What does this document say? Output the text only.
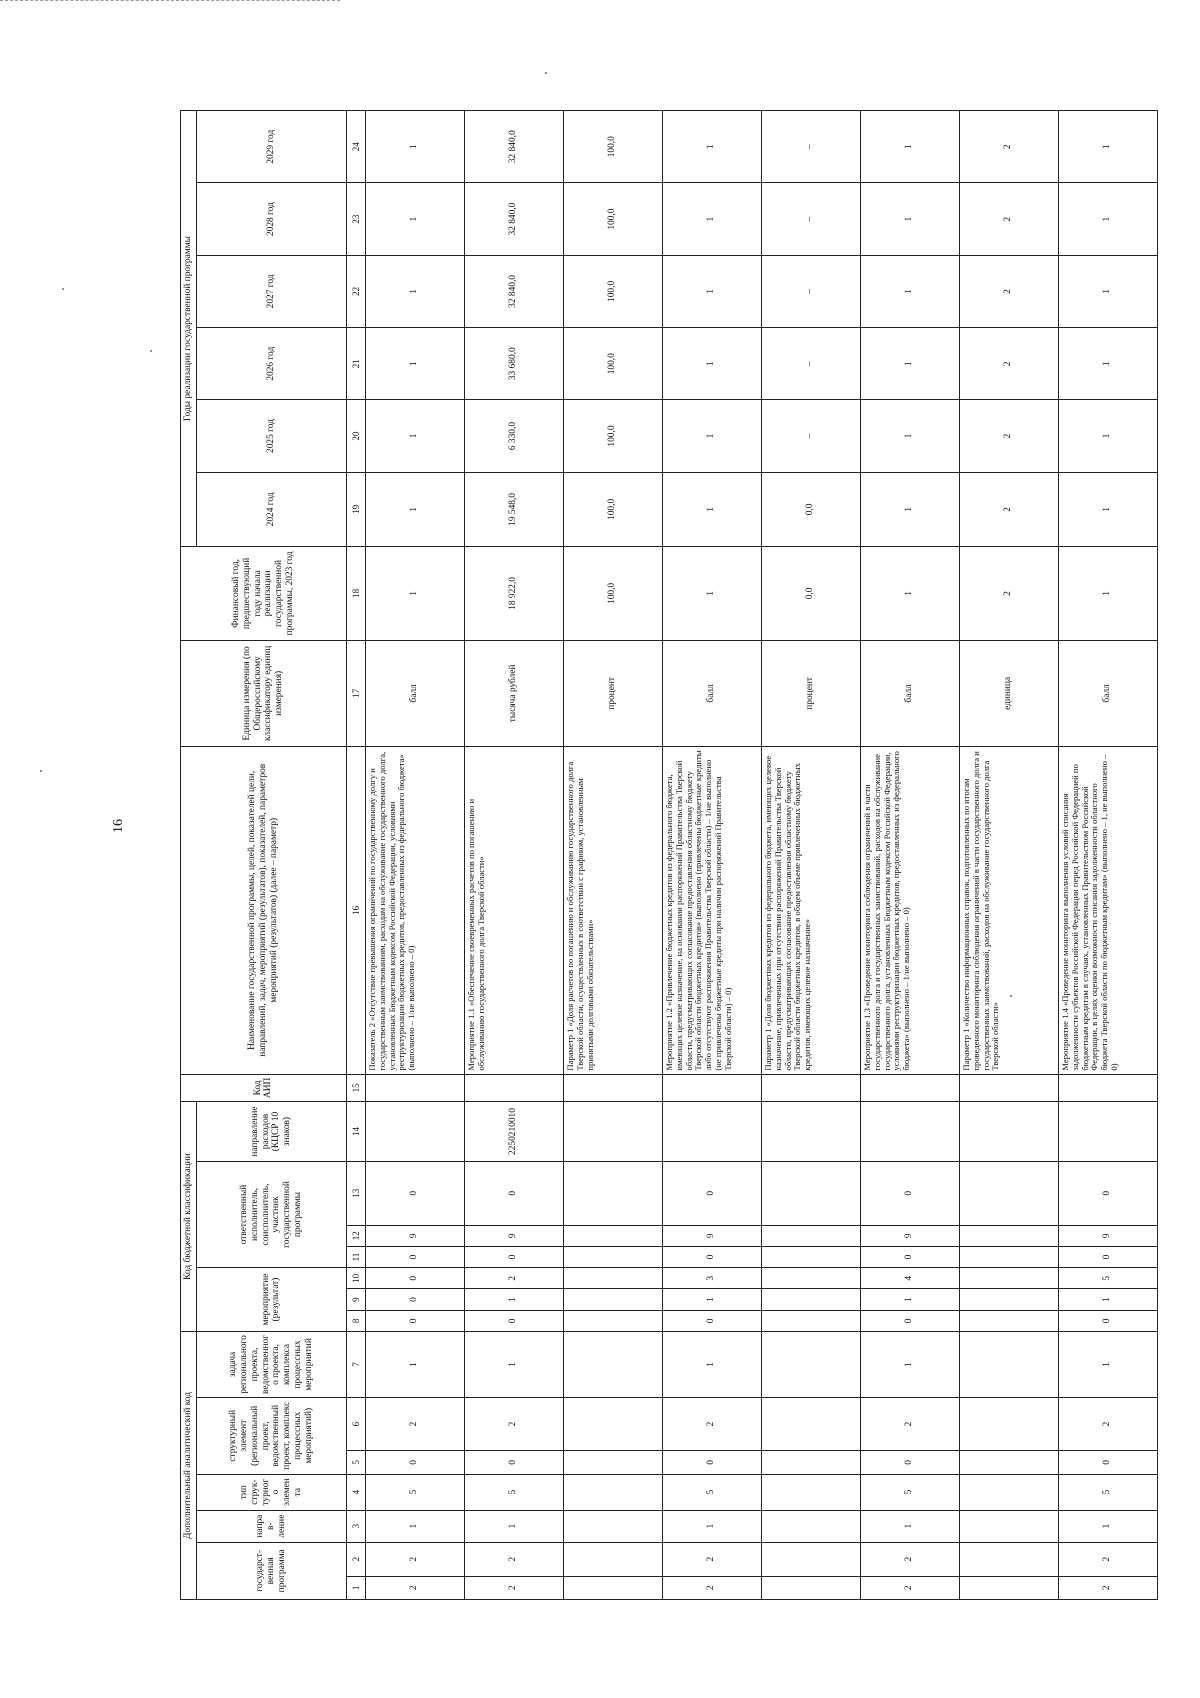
16
Дополнительный аналитический код							Код бюджетной классификации							Код АИП	Наименование государственной программы, целей, показателей цели, направлений, задач, мероприятий (результатов), показателей, параметров мероприятий (результатов) (далее – параметр)	Единица измерения (по Общероссийскому классификатору единиц измерения)	Финансовый год, предшествующий году начала реализации государственной программы, 2023 год	Годы реализации государственной программы					
государст-венная программа		направ-ление	тип струк-турного элемента	структурный элемент (региональный проект, ведомственный проект, комплекс процессных мероприятий)		задача регионального проекта, ведомственного проекта, комплекса процессных мероприятий	мероприятие (результат)			ответственный исполнитель, соисполнитель, участник государственной программы			направление расходов (КЦСР 10 знаков)					2024 год	2025 год	2026 год	2027 год	2028 год	2029 год
1	2	3	4	5	6	7	8	9	10	11	12	13	14	15	16	17	18	19	20	21	22	23	24
2	2	1	5	0	2	1	0	0	0	0	9	0			Показатель 2 «Отсутствие превышения ограничений по государственному долгу и государственным заимствованиям, расходам на обслуживание государственного долга, установленных Бюджетным кодексом Российской Федерации, условиями реструктуризации бюджетных кредитов, предоставленных из федерального бюджета» (выполнено – 1/не выполнено – 0)	балл	1	1	1	1	1	1	1
2	2	1	5	0	2	1	0	1	2	0	9	0	2250210010		Мероприятие 1.1 «Обеспечение своевременных расчетов по погашению и обслуживанию государственного долга Тверской области»	тысяча рублей	18 922,0	19 548,0	6 330,0	33 680,0	32 840,0	32 840,0	32 840,0
															Параметр 1 «Доля расчетов по погашению и обслуживанию государственного долга Тверской области, осуществленных в соответствии с графиком, установленным принятыми долговыми обязательствами»	процент	100,0	100,0	100,0	100,0	100,0	100,0	100,0
2	2	1	5	0	2	1	0	1	3	0	9	0			Мероприятие 1.2 «Привлечение бюджетных кредитов из федерального бюджета, имеющих целевое назначение, на основании распоряжений Правительства Тверской области, предусматривающих согласование предоставления областному бюджету Тверской области бюджетных кредитов» (выполнено (привлечены бюджетные кредиты либо отсутствуют распоряжения Правительства Тверской области) – 1/не выполнено (не привлечены бюджетные кредиты при наличии распоряжений Правительства Тверской области) – 0)	балл	1	1	1	1	1	1	1
															Параметр 1 «Доля бюджетных кредитов из федерального бюджета, имеющих целевое назначение, привлеченных при отсутствии распоряжений Правительства Тверской области, предусматривающих согласование предоставления областному бюджету Тверской области бюджетных кредитов, в общем объеме привлеченных бюджетных кредитов, имеющих целевое назначение»	процент	0,0	0,0	–	–	–	–	–
2	2	1	5	0	2	1	0	1	4	0	9	0			Мероприятие 1.3 «Проведение мониторинга соблюдения ограничений в части государственного долга и государственных заимствований, расходов на обслуживание государственного долга, установленных Бюджетным кодексом Российской Федерации, условиями реструктуризации бюджетных кредитов, предоставленных из федерального бюджета» (выполнено – 1/не выполнено – 0)	балл	1	1	1	1	1	1	1
															Параметр 1 «Количество информационных справок, подготовленных по итогам проведенного мониторинга соблюдения ограничений в части государственного долга и государственных заимствований, расходов на обслуживание государственного долга Тверской области»	единица	2	2	2	2	2	2	2
2	2	1	5	0	2	1	0	1	5	0	9	0			Мероприятие 1.4 «Проведение мониторинга выполнения условий списания задолженности субъектов Российской Федерации перед Российской Федерацией по бюджетным кредитам в случаях, установленных Правительством Российской Федерации, в целях оценки возможности списания задолженности областного бюджета Тверской области по бюджетным кредитам» (выполнено – 1, не выполнено – 0)	балл	1	1	1	1	1	1	1
